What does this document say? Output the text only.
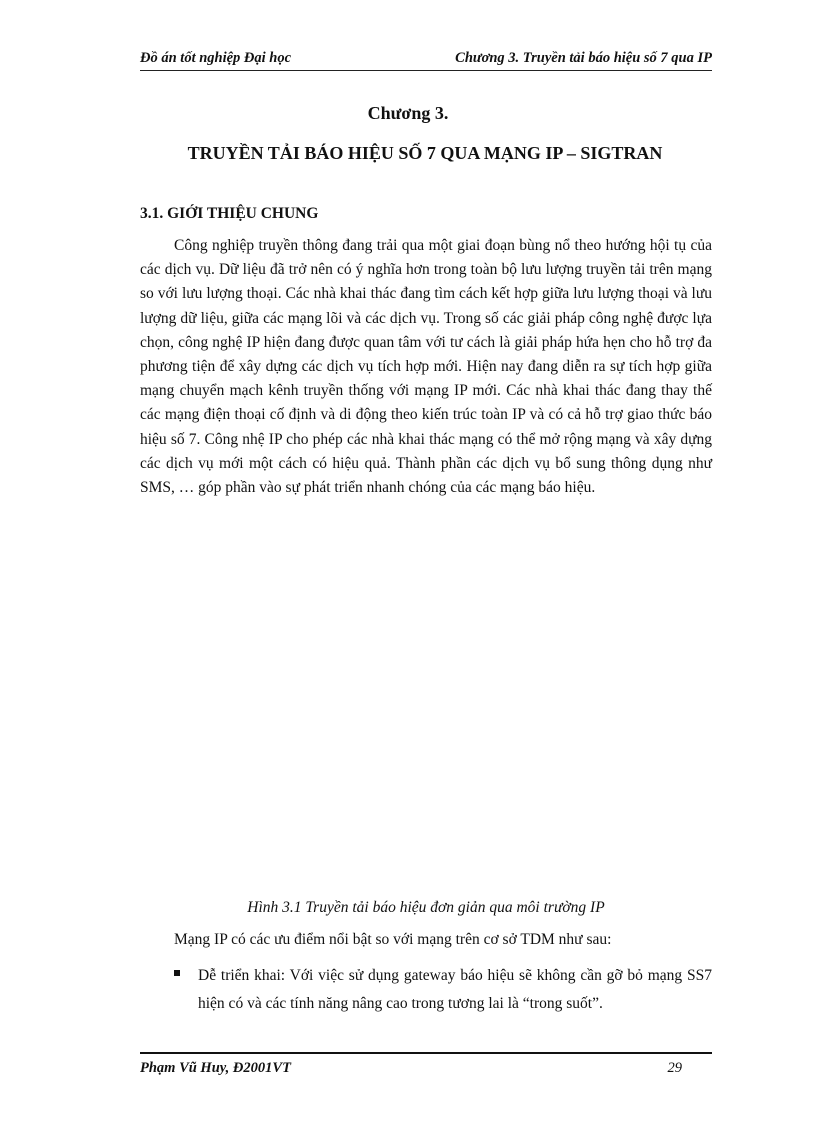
Đồ án tốt nghiệp Đại học	Chương 3. Truyền tải báo hiệu số 7 qua IP
Chương 3.
TRUYỀN TẢI BÁO HIỆU SỐ 7 QUA MẠNG IP – SIGTRAN
3.1. GIỚI THIỆU CHUNG

Công nghiệp truyền thông đang trải qua một giai đoạn bùng nổ theo hướng hội tụ của các dịch vụ. Dữ liệu đã trở nên có ý nghĩa hơn trong toàn bộ lưu lượng truyền tải trên mạng so với lưu lượng thoại. Các nhà khai thác đang tìm cách kết hợp giữa lưu lượng thoại và lưu lượng dữ liệu, giữa các mạng lõi và các dịch vụ. Trong số các giải pháp công nghệ được lựa chọn, công nghệ IP hiện đang được quan tâm với tư cách là giải pháp hứa hẹn cho hỗ trợ đa phương tiện để xây dựng các dịch vụ tích hợp mới. Hiện nay đang diễn ra sự tích hợp giữa mạng chuyển mạch kênh truyền thống với mạng IP mới. Các nhà khai thác đang thay thế các mạng điện thoại cố định và di động theo kiến trúc toàn IP và có cả hỗ trợ giao thức báo hiệu số 7. Công nhệ IP cho phép các nhà khai thác mạng có thể mở rộng mạng và xây dựng các dịch vụ mới một cách có hiệu quả. Thành phần các dịch vụ bổ sung thông dụng như SMS, … góp phần vào sự phát triển nhanh chóng của các mạng báo hiệu.

Hình 3.1 Truyền tải báo hiệu đơn giản qua môi trường IP
Mạng IP có các ưu điểm nổi bật so với mạng trên cơ sở TDM như sau:

Dễ triển khai: Với việc sử dụng gateway báo hiệu sẽ không cần gỡ bỏ mạng SS7 hiện có và các tính năng nâng cao trong tương lai là “trong suốt”.

Phạm Vũ Huy, Đ2001VT	29
